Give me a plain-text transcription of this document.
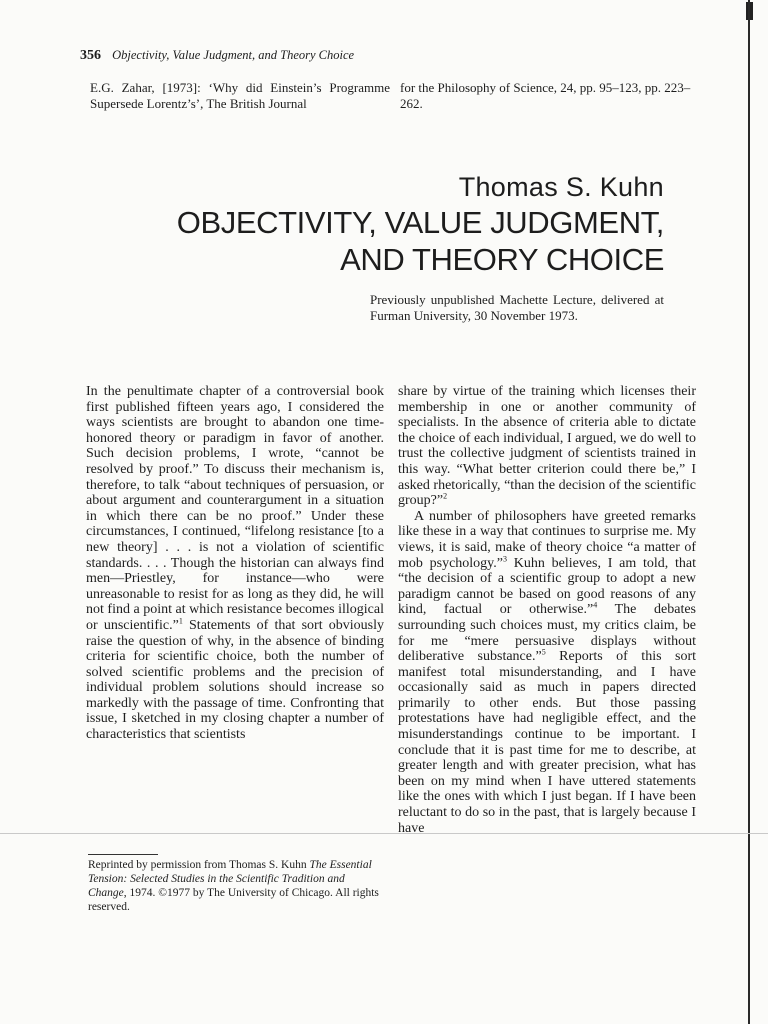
356 Objectivity, Value Judgment, and Theory Choice
E.G. Zahar, [1973]: ‘Why did Einstein’s Programme Supersede Lorentz’s’, The British Journal
for the Philosophy of Science, 24, pp. 95–123, pp. 223–262.
Thomas S. Kuhn
OBJECTIVITY, VALUE JUDGMENT,
AND THEORY CHOICE
Previously unpublished Machette Lecture, delivered at Furman University, 30 November 1973.

In the penultimate chapter of a controversial book first published fifteen years ago, I considered the ways scientists are brought to abandon one time-honored theory or paradigm in favor of another. Such decision problems, I wrote, “cannot be resolved by proof.” To discuss their mechanism is, therefore, to talk “about techniques of persuasion, or about argument and counterargument in a situation in which there can be no proof.” Under these circumstances, I continued, “lifelong resistance [to a new theory] . . . is not a violation of scientific standards. . . . Though the historian can always find men—Priestley, for instance—who were unreasonable to resist for as long as they did, he will not find a point at which resistance becomes illogical or unscientific.”$^1$ Statements of that sort obviously raise the question of why, in the absence of binding criteria for scientific choice, both the number of solved scientific problems and the precision of individual problem solutions should increase so markedly with the passage of time. Confronting that issue, I sketched in my closing chapter a number of characteristics that scientists

share by virtue of the training which licenses their membership in one or another community of specialists. In the absence of criteria able to dictate the choice of each individual, I argued, we do well to trust the collective judgment of scientists trained in this way. “What better criterion could there be,” I asked rhetorically, “than the decision of the scientific group?”$^2$

A number of philosophers have greeted remarks like these in a way that continues to surprise me. My views, it is said, make of theory choice “a matter of mob psychology.”$^3$ Kuhn believes, I am told, that “the decision of a scientific group to adopt a new paradigm cannot be based on good reasons of any kind, factual or otherwise.”$^4$ The debates surrounding such choices must, my critics claim, be for me “mere persuasive displays without deliberative substance.”$^5$ Reports of this sort manifest total misunderstanding, and I have occasionally said as much in papers directed primarily to other ends. But those passing protestations have had negligible effect, and the misunderstandings continue to be important. I conclude that it is past time for me to describe, at greater length and with greater precision, what has been on my mind when I have uttered statements like the ones with which I just began. If I have been reluctant to do so in the past, that is largely because I have

Reprinted by permission from Thomas S. Kuhn The Essential Tension: Selected Studies in the Scientific Tradition and Change, 1974. ©1977 by The University of Chicago. All rights reserved.
